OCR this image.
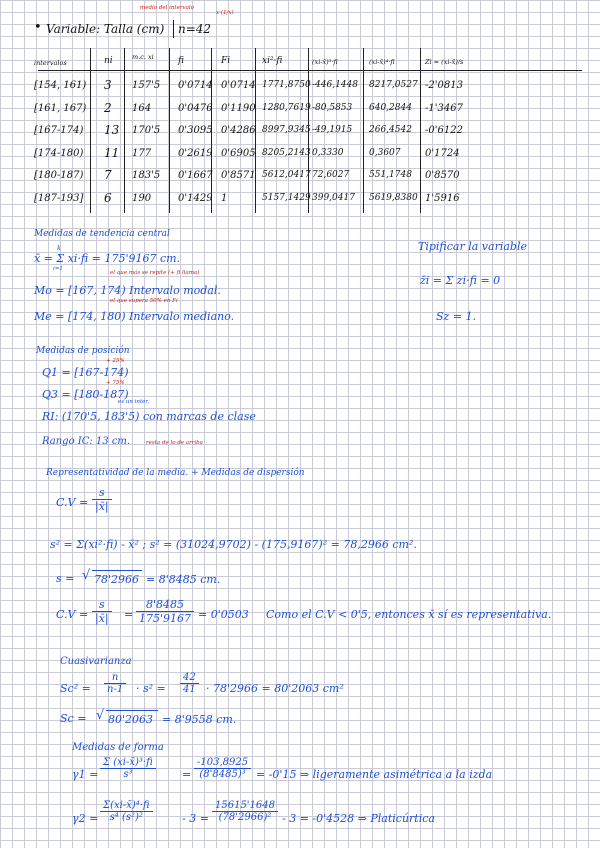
medio del intervalo
• Variable: Talla (cm) n=42
x·(1/x)
intervalos	ni	m.c. xi	fi	Fi	xi²·fi	(xi-x̄)³·fi	(xi-x̄)⁴·fi	Zi = (xi-x̄)/s
[154, 161) 3 157'5 0'0714 0'0714 1771,8750 -446,1448 8217,0527 -2'0813
[161, 167) 2 164	0'0476 0'1190 1280,7619 -80,5853 640,2844 -1'3467
[167-174) 13 170'5 0'3095 0'4286 8997,9345 -49,1915 266,4542 -0'6122
[174-180) 11 177	0'2619 0'6905 8205,2143 0,3330	0,3607 0'1724
[180-187) 7 183'5 0'1667 0'8571 5612,0417 72,6027 551,1748 0'8570
[187-193] 6 190	0'1429 1	5157,1429 399,0417 5619,8380 1'5916
Medidas de tendencia central
k
x̄ = Σ xi·fi = 175'9167 cm.
i=1
el que más se repite (+ fi llama)
Mo = [167, 174) Intervalo modal.
el que supera 50% en Fi
Me = [174, 180) Intervalo mediano.
Tipificar la variable
z̄i = Σ zi·fi = 0
Sz = 1.
Medidas de posición
+ 25%
Q1 = [167-174)
+ 75%
Q3 = [180-187)
es un inter.
RI: (170'5, 183'5) con marcas de clase
Rango IC: 13 cm.	resta de lo de arriba
Representatividad de la media. + Medidas de dispersión
$C.V = \frac{s}{|x̄|}$
s² = Σ(xi²·fi) - x̄² ; s² = (31024,9702) - (175,9167)² = 78,2966 cm².
s = √ 78'2966 = 8'8485 cm.
$C.V = \frac{s}{|x̄|} = \frac{8'8485}{175'9167} = 0'0503$ Como el C.V < 0'5, entonces x̄ sí es representativa.
Cuasivarianza
$Sc^2 = \frac{n}{n-1} \cdot s^2 = \frac{42}{41} \cdot 78'2966 = 80'2063$ cm²
Sc = √ 80'2063 = 8'9558 cm.
Medidas de forma
$\gamma 1 = \frac{\text{Σ (xi-x̄)³·fi}}{\text{s³}} = \frac{-103,8925}{\text{(8'8485)³}} = -0'15$ ⇒ ligeramente asimétrica a la izda
$\gamma 2 = \frac{\text{Σ(xi-x̄)⁴·fi}}{\text{s⁴ (s²)²}}$	- $3 = \frac{15615'1648}{\text{(78'2966)²}} - 3 = -0'4528$ ⇒ Platicúrtica
